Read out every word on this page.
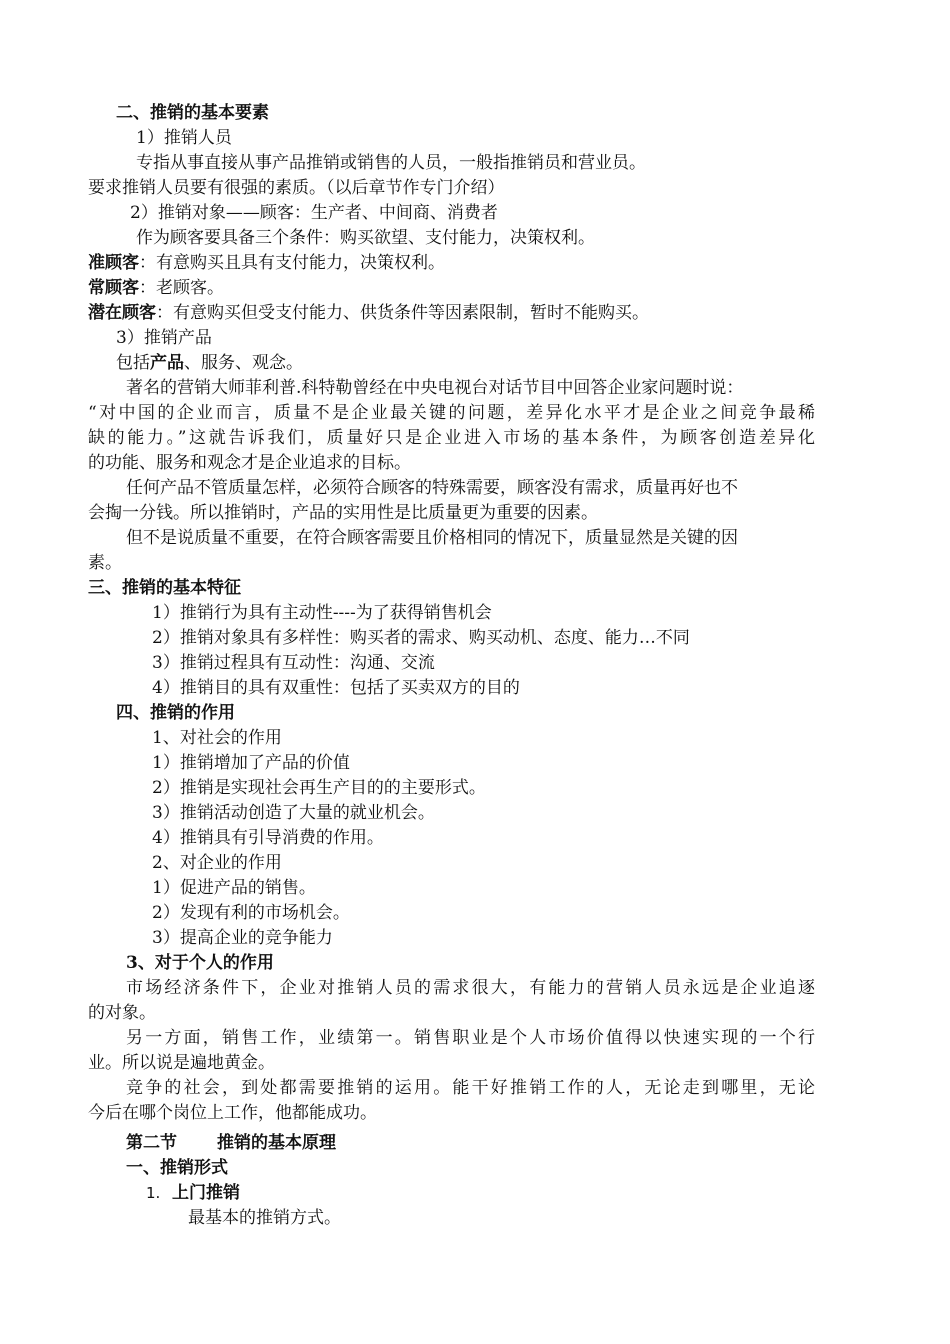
二、推销的基本要素
1）推销人员
专指从事直接从事产品推销或销售的人员，一般指推销员和营业员。
要求推销人员要有很强的素质。（以后章节作专门介绍）
2）推销对象——顾客：生产者、中间商、消费者
作为顾客要具备三个条件：购买欲望、支付能力，决策权利。
准顾客：有意购买且具有支付能力，决策权利。
常顾客：老顾客。
潜在顾客：有意购买但受支付能力、供货条件等因素限制，暂时不能购买。
3）推销产品
包括产品、服务、观念。
著名的营销大师菲利普.科特勒曾经在中央电视台对话节目中回答企业家问题时说：
“对中国的企业而言，质量不是企业最关键的问题，差异化水平才是企业之间竞争最稀
缺的能力。”这就告诉我们，质量好只是企业进入市场的基本条件，为顾客创造差异化
的功能、服务和观念才是企业追求的目标。
任何产品不管质量怎样，必须符合顾客的特殊需要，顾客没有需求，质量再好也不
会掏一分钱。所以推销时，产品的实用性是比质量更为重要的因素。
但不是说质量不重要，在符合顾客需要且价格相同的情况下，质量显然是关键的因
素。
三、推销的基本特征
1）推销行为具有主动性----为了获得销售机会
2）推销对象具有多样性：购买者的需求、购买动机、态度、能力…不同
3）推销过程具有互动性：沟通、交流
4）推销目的具有双重性：包括了买卖双方的目的
四、推销的作用
1、对社会的作用
1）推销增加了产品的价值
2）推销是实现社会再生产目的的主要形式。
3）推销活动创造了大量的就业机会。
4）推销具有引导消费的作用。
2、对企业的作用
1）促进产品的销售。
2）发现有利的市场机会。
3）提高企业的竞争能力
3、对于个人的作用
市场经济条件下，企业对推销人员的需求很大，有能力的营销人员永远是企业追逐
的对象。
另一方面，销售工作，业绩第一。销售职业是个人市场价值得以快速实现的一个行
业。所以说是遍地黄金。
竞争的社会，到处都需要推销的运用。能干好推销工作的人，无论走到哪里，无论
今后在哪个岗位上工作，他都能成功。
第二节 推销的基本原理
一、推销形式
1. 上门推销
最基本的推销方式。
